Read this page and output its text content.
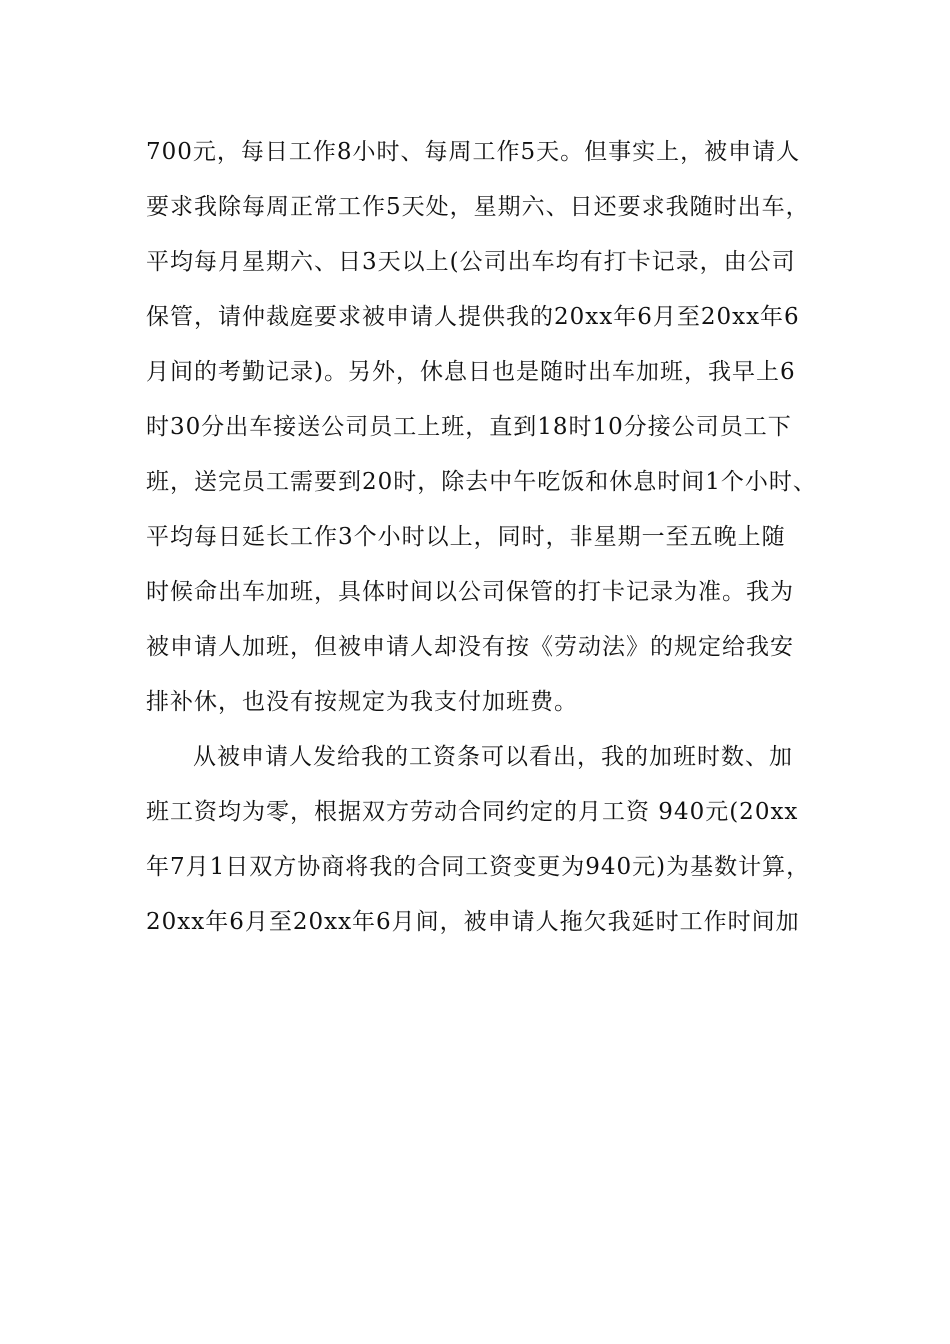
700元，每日工作8小时、每周工作5天。但事实上，被申请人
要求我除每周正常工作5天处，星期六、日还要求我随时出车，
平均每月星期六、日3天以上(公司出车均有打卡记录，由公司
保管，请仲裁庭要求被申请人提供我的20xx年6月至20xx年6
月间的考勤记录)。另外，休息日也是随时出车加班，我早上6
时30分出车接送公司员工上班，直到18时10分接公司员工下
班，送完员工需要到20时，除去中午吃饭和休息时间1个小时、
平均每日延长工作3个小时以上，同时，非星期一至五晚上随
时候命出车加班，具体时间以公司保管的打卡记录为准。我为
被申请人加班，但被申请人却没有按《劳动法》的规定给我安
排补休，也没有按规定为我支付加班费。
从被申请人发给我的工资条可以看出，我的加班时数、加
班工资均为零，根据双方劳动合同约定的月工资 940元(20xx
年7月1日双方协商将我的合同工资变更为940元)为基数计算，
20xx年6月至20xx年6月间，被申请人拖欠我延时工作时间加
